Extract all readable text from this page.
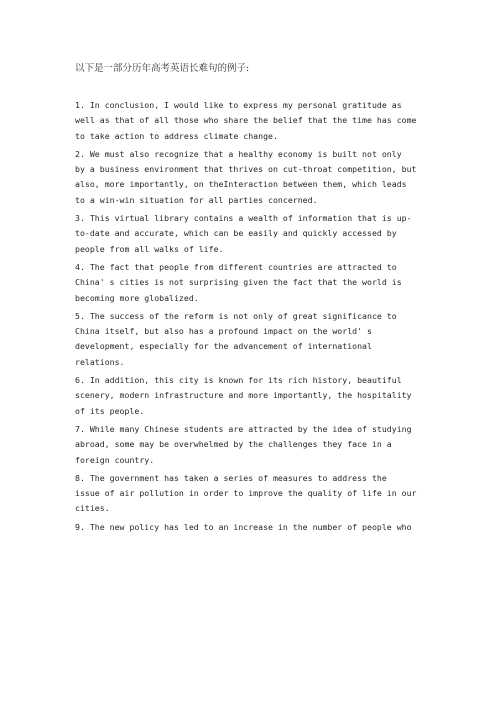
以下是一部分历年高考英语长难句的例子:
1. In conclusion, I would like to express my personal gratitude as
well as that of all those who share the belief that the time has come
to take action to address climate change.
2. We must also recognize that a healthy economy is built not only
by a business environment that thrives on cut-throat competition, but
also, more importantly, on theInteraction between them, which leads
to a win-win situation for all parties concerned.
3. This virtual library contains a wealth of information that is up-
to-date and accurate, which can be easily and quickly accessed by
people from all walks of life.
4. The fact that people from different countries are attracted to
China' s cities is not surprising given the fact that the world is
becoming more globalized.
5. The success of the reform is not only of great significance to
China itself, but also has a profound impact on the world' s
development, especially for the advancement of international
relations.
6. In addition, this city is known for its rich history, beautiful
scenery, modern infrastructure and more importantly, the hospitality
of its people.
7. While many Chinese students are attracted by the idea of studying
abroad, some may be overwhelmed by the challenges they face in a
foreign country.
8. The government has taken a series of measures to address the
issue of air pollution in order to improve the quality of life in our
cities.
9. The new policy has led to an increase in the number of people who
